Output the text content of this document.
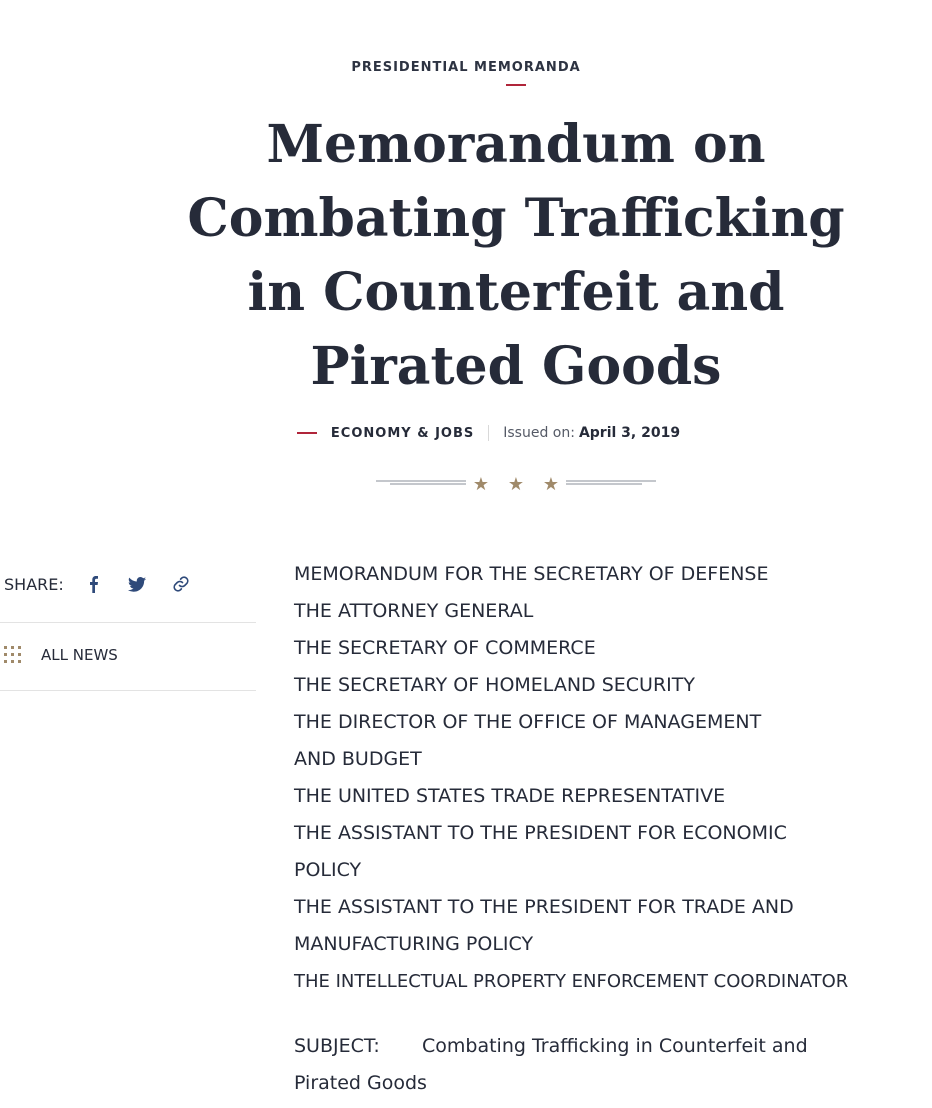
PRESIDENTIAL MEMORANDA
Memorandum on Combating Trafficking in Counterfeit and Pirated Goods
ECONOMY & JOBS Issued on: April 3, 2019
★ ★ ★
SHARE:
ALL NEWS

MEMORANDUM FOR THE SECRETARY OF DEFENSE

THE ATTORNEY GENERAL

THE SECRETARY OF COMMERCE

THE SECRETARY OF HOMELAND SECURITY

THE DIRECTOR OF THE OFFICE OF MANAGEMENT AND BUDGET

THE UNITED STATES TRADE REPRESENTATIVE

THE ASSISTANT TO THE PRESIDENT FOR ECONOMIC POLICY

THE ASSISTANT TO THE PRESIDENT FOR TRADE AND MANUFACTURING POLICY

THE INTELLECTUAL PROPERTY ENFORCEMENT COORDINATOR

SUBJECT: Combating Trafficking in Counterfeit and Pirated Goods
